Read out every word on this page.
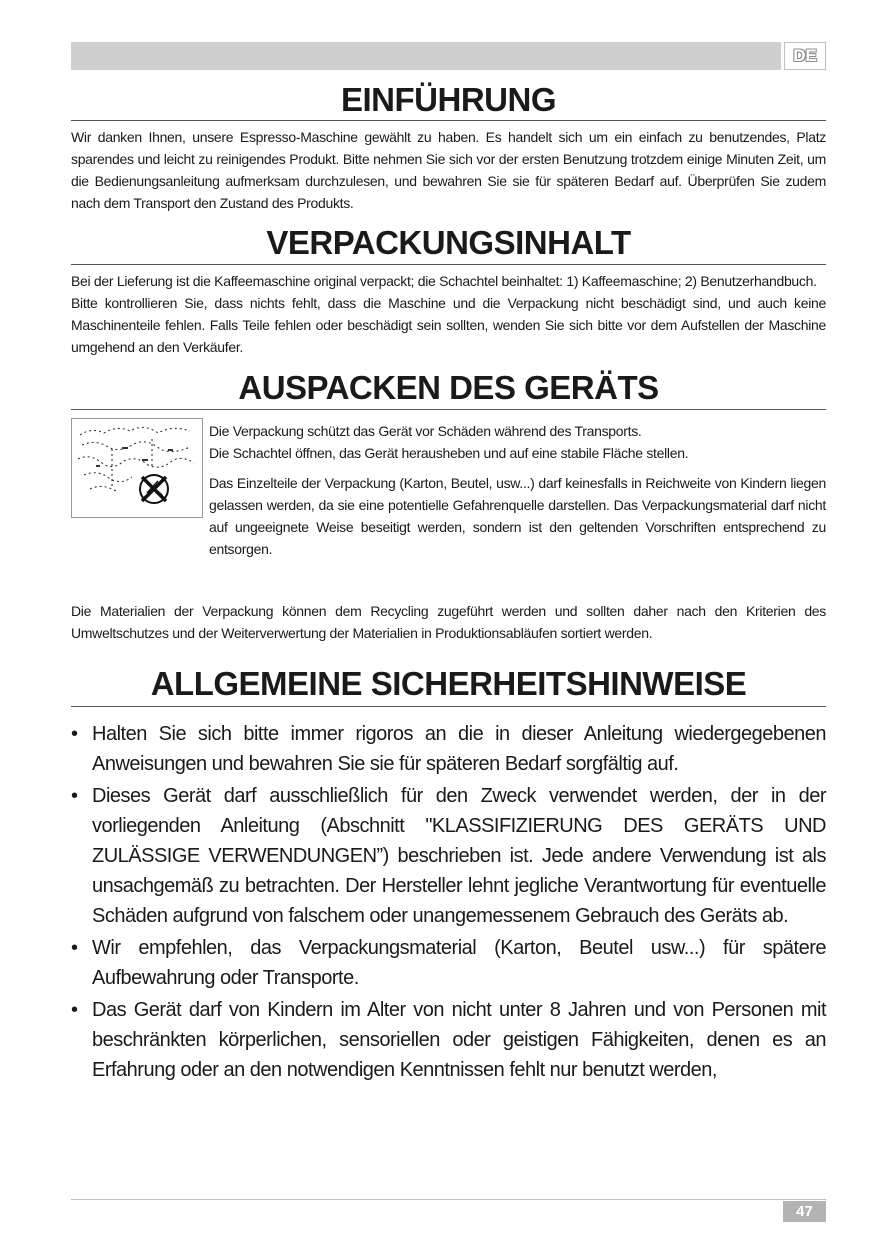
DE
EINFÜHRUNG

Wir danken Ihnen, unsere Espresso-Maschine gewählt zu haben. Es handelt sich um ein einfach zu benutzendes, Platz sparendes und leicht zu reinigendes Produkt. Bitte nehmen Sie sich vor der ersten Benutzung trotzdem einige Minuten Zeit, um die Bedienungsanleitung aufmerksam durchzulesen, und bewahren Sie sie für späteren Bedarf auf. Überprüfen Sie zudem nach dem Transport den Zustand des Produkts.

VERPACKUNGSINHALT

Bei der Lieferung ist die Kaffeemaschine original verpackt; die Schachtel beinhaltet: 1) Kaffeemaschine; 2) Benutzerhandbuch.

Bitte kontrollieren Sie, dass nichts fehlt, dass die Maschine und die Verpackung nicht beschädigt sind, und auch keine Maschinenteile fehlen. Falls Teile fehlen oder beschädigt sein sollten, wenden Sie sich bitte vor dem Aufstellen der Maschine umgehend an den Verkäufer.

AUSPACKEN DES GERÄTS

Die Verpackung schützt das Gerät vor Schäden während des Transports.

Die Schachtel öffnen, das Gerät herausheben und auf eine stabile Fläche stellen.

Das Einzelteile der Verpackung (Karton, Beutel, usw...) darf keinesfalls in Reichweite von Kindern liegen gelassen werden, da sie eine potentielle Gefahrenquelle darstellen. Das Verpackungsmaterial darf nicht auf ungeeignete Weise beseitigt werden, sondern ist den geltenden Vorschriften entsprechend zu entsorgen.

Die Materialien der Verpackung können dem Recycling zugeführt werden und sollten daher nach den Kriterien des Umweltschutzes und der Weiterverwertung der Materialien in Produktionsabläufen sortiert werden.

ALLGEMEINE SICHERHEITSHINWEISE
• Halten Sie sich bitte immer rigoros an die in dieser Anleitung wiedergegebenen Anweisungen und bewahren Sie sie für späteren Bedarf sorgfältig auf.
• Dieses Gerät darf ausschließlich für den Zweck verwendet werden, der in der vorliegenden Anleitung (Abschnitt "KLASSIFIZIERUNG DES GERÄTS UND ZULÄSSIGE VERWENDUNGEN”) beschrieben ist. Jede andere Verwendung ist als unsachgemäß zu betrachten. Der Hersteller lehnt jegliche Verantwortung für eventuelle Schäden aufgrund von falschem oder unangemessenem Gebrauch des Geräts ab.
• Wir empfehlen, das Verpackungsmaterial (Karton, Beutel usw...) für spätere Aufbewahrung oder Transporte.
• Das Gerät darf von Kindern im Alter von nicht unter 8 Jahren und von Personen mit beschränkten körperlichen, sensoriellen oder geistigen Fähigkeiten, denen es an Erfahrung oder an den notwendigen Kenntnissen fehlt nur benutzt werden,
47
